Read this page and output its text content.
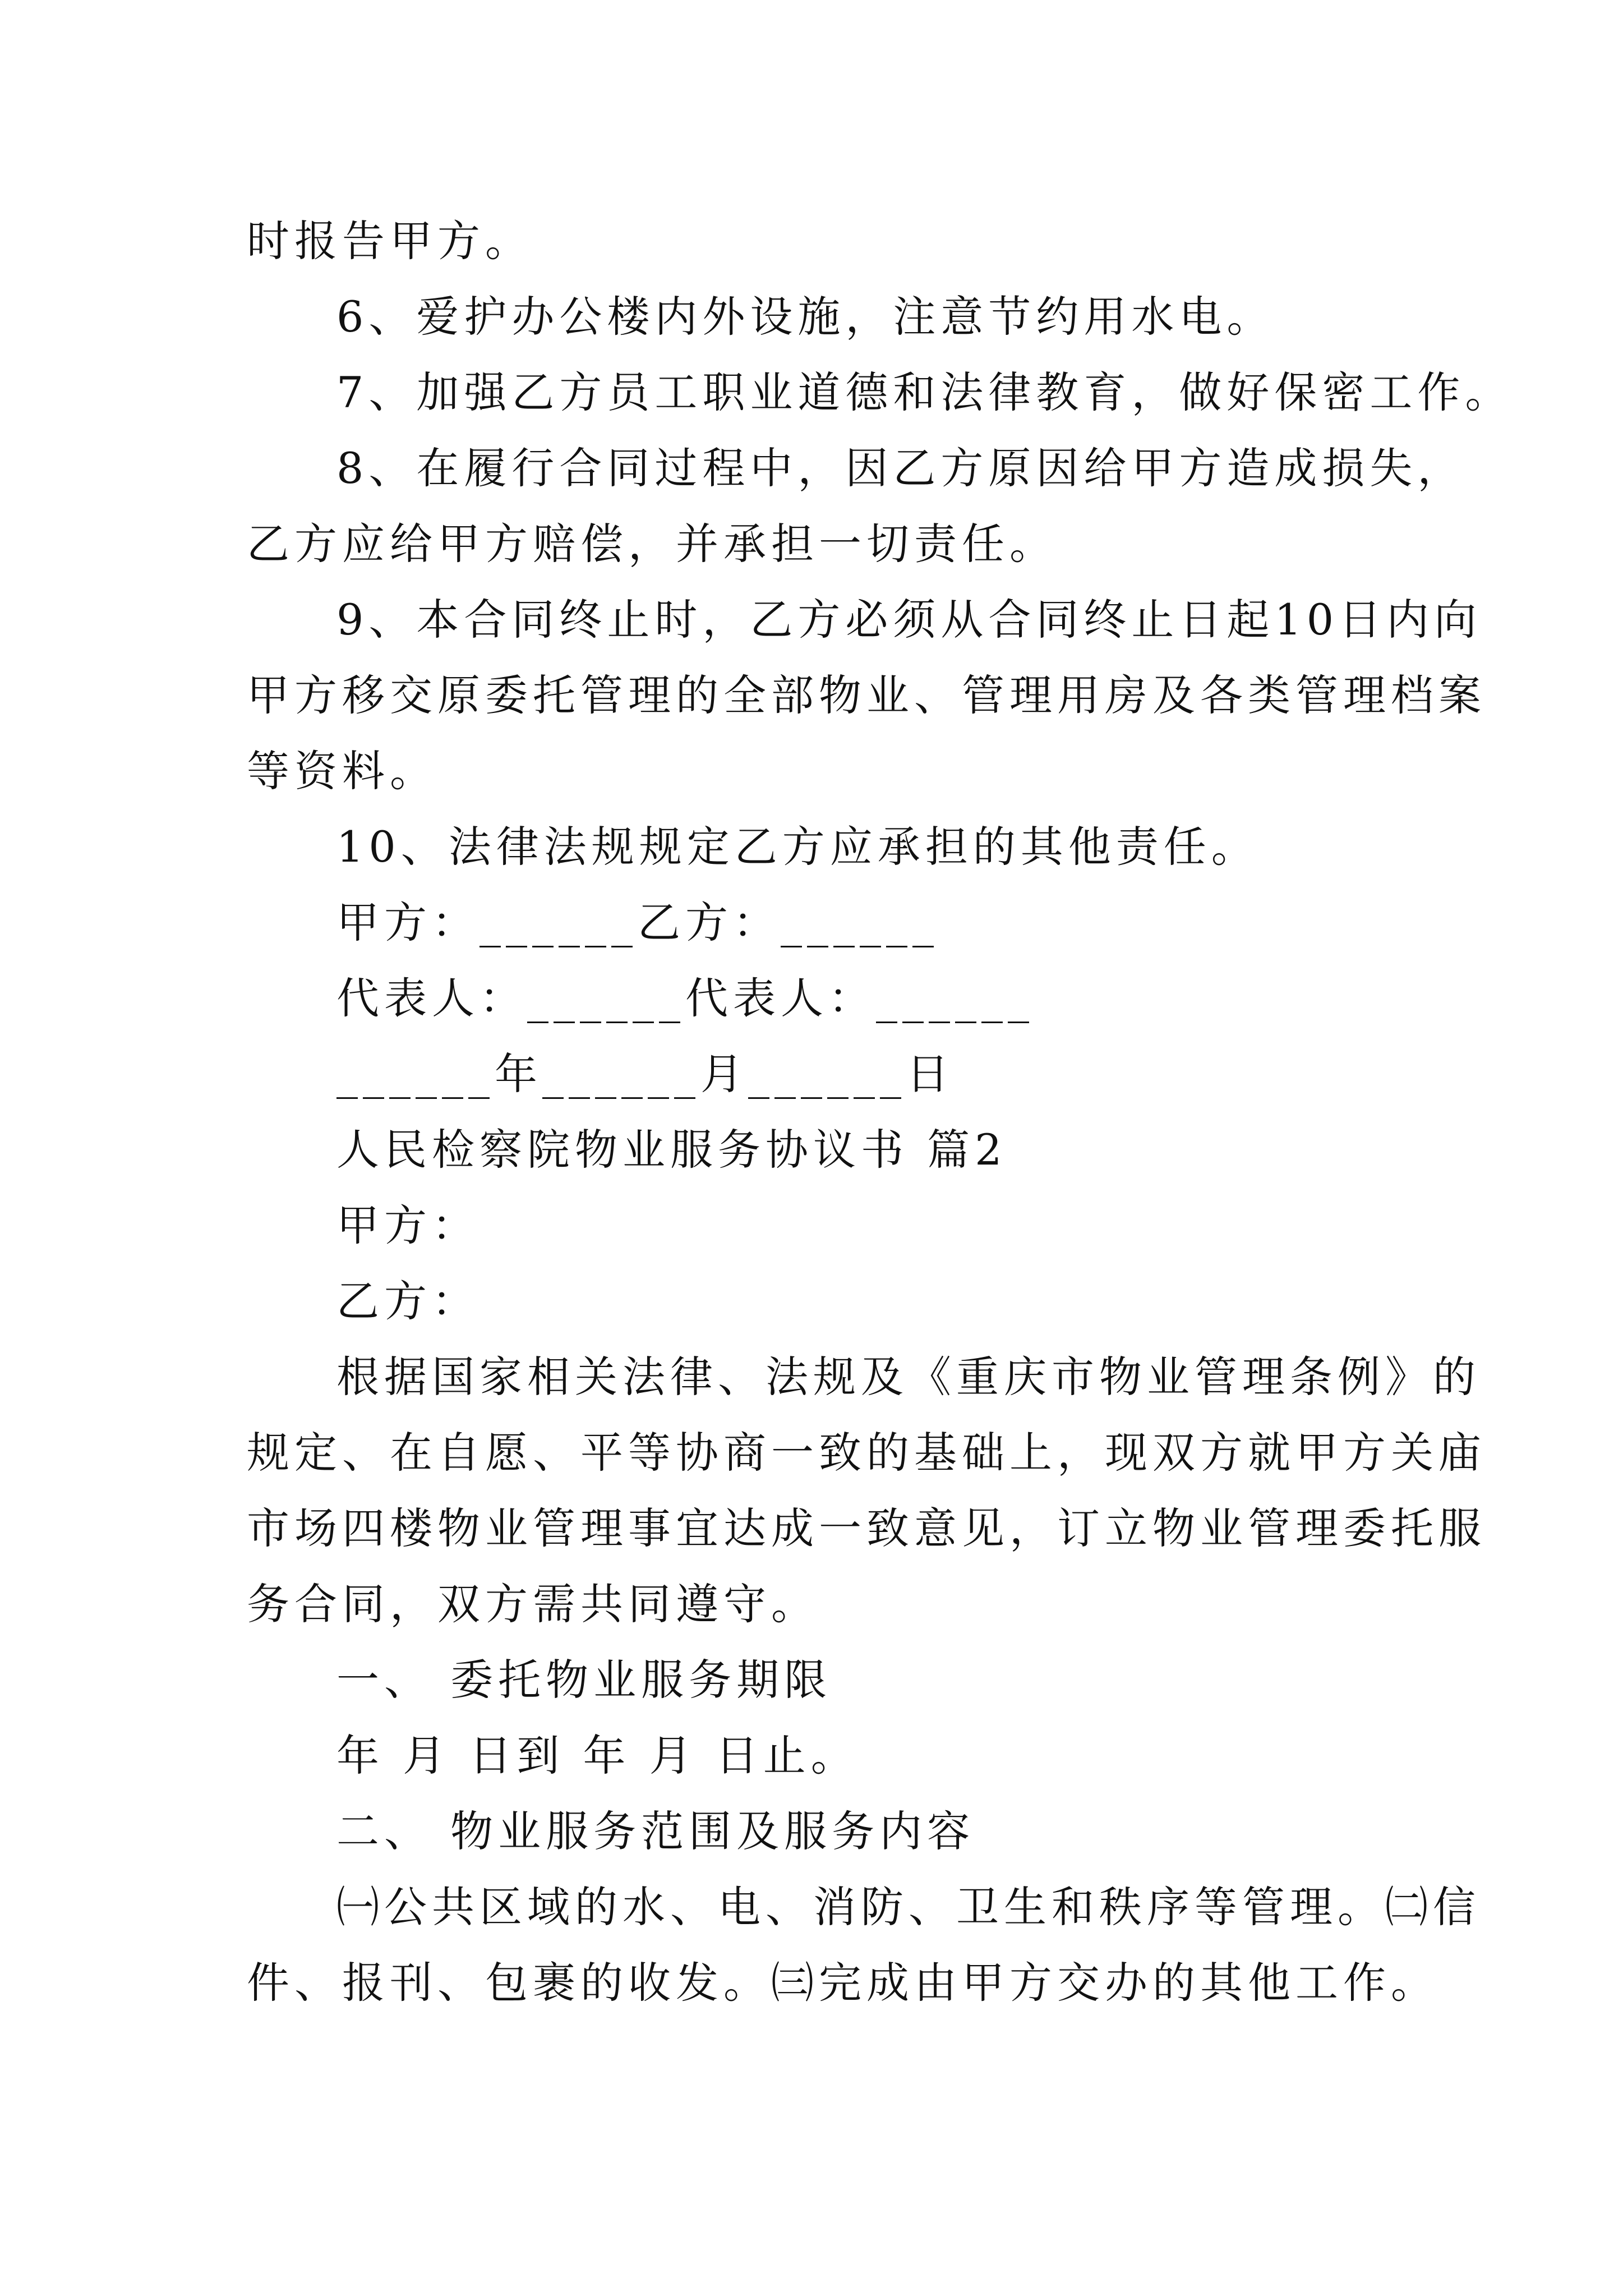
时报告甲方。
6、爱护办公楼内外设施，注意节约用水电。
7、加强乙方员工职业道德和法律教育，做好保密工作。
8、在履行合同过程中，因乙方原因给甲方造成损失，
乙方应给甲方赔偿，并承担一切责任。
9、本合同终止时，乙方必须从合同终止日起10日内向
甲方移交原委托管理的全部物业、管理用房及各类管理档案
等资料。
10、法律法规规定乙方应承担的其他责任。
甲方：______乙方：______
代表人：______代表人：______
______年______月______日
人民检察院物业服务协议书 篇2
甲方：
乙方：
根据国家相关法律、法规及《重庆市物业管理条例》的
规定、在自愿、平等协商一致的基础上，现双方就甲方关庙
市场四楼物业管理事宜达成一致意见，订立物业管理委托服
务合同，双方需共同遵守。
一、 委托物业服务期限
年 月 日到 年 月 日止。
二、 物业服务范围及服务内容
㈠公共区域的水、电、消防、卫生和秩序等管理。㈡信
件、报刊、包裹的收发。㈢完成由甲方交办的其他工作。
